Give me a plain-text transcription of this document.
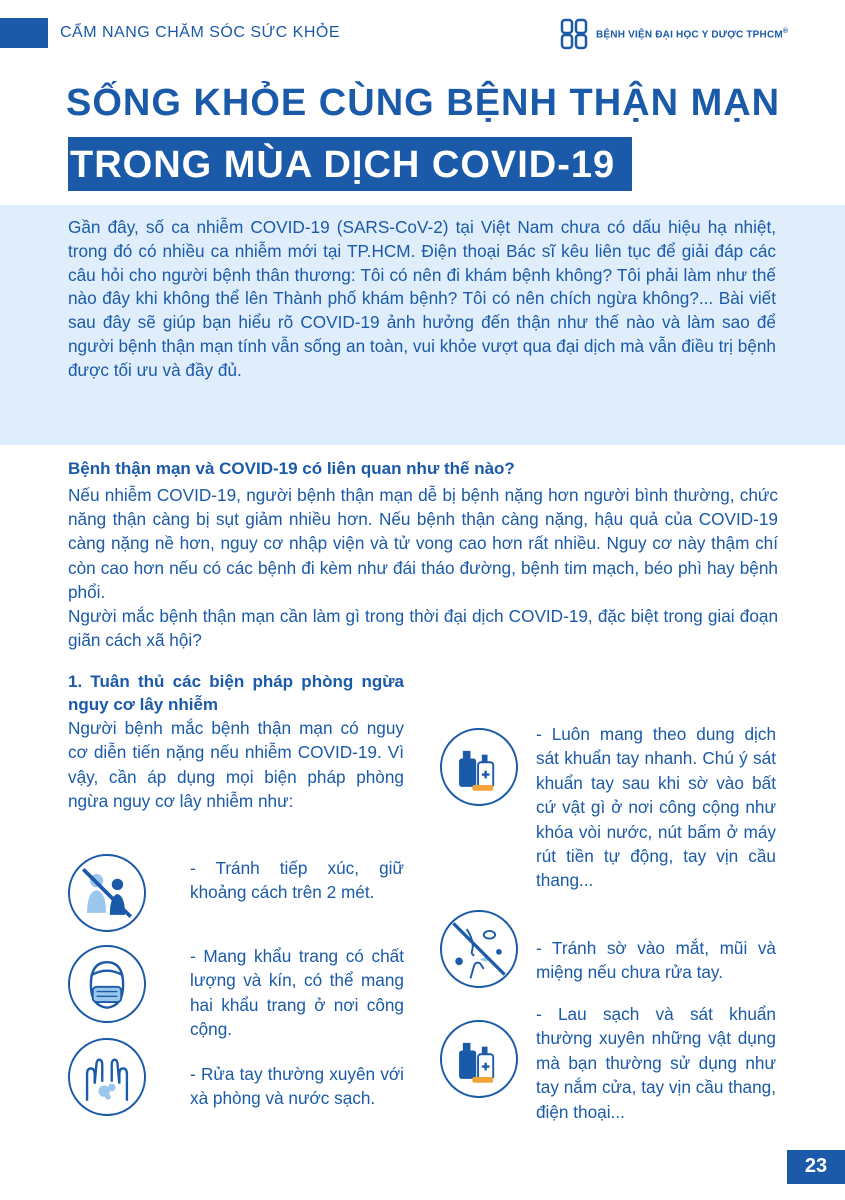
CẨM NANG CHĂM SÓC SỨC KHỎE	BỆNH VIỆN ĐẠI HỌC Y DƯỢC TPHCM®
SỐNG KHỎE CÙNG BỆNH THẬN MẠN
TRONG MÙA DỊCH COVID-19
Gần đây, số ca nhiễm COVID-19 (SARS-CoV-2) tại Việt Nam chưa có dấu hiệu hạ nhiệt, trong đó có nhiều ca nhiễm mới tại TP.HCM. Điện thoại Bác sĩ kêu liên tục để giải đáp các câu hỏi cho người bệnh thân thương: Tôi có nên đi khám bệnh không? Tôi phải làm như thế nào đây khi không thể lên Thành phố khám bệnh? Tôi có nên chích ngừa không?... Bài viết sau đây sẽ giúp bạn hiểu rõ COVID-19 ảnh hưởng đến thận như thế nào và làm sao để người bệnh thận mạn tính vẫn sống an toàn, vui khỏe vượt qua đại dịch mà vẫn điều trị bệnh được tối ưu và đầy đủ.
Bệnh thận mạn và COVID-19 có liên quan như thế nào?
Nếu nhiễm COVID-19, người bệnh thận mạn dễ bị bệnh nặng hơn người bình thường, chức năng thận càng bị sụt giảm nhiều hơn. Nếu bệnh thận càng nặng, hậu quả của COVID-19 càng nặng nề hơn, nguy cơ nhập viện và tử vong cao hơn rất nhiều. Nguy cơ này thậm chí còn cao hơn nếu có các bệnh đi kèm như đái tháo đường, bệnh tim mạch, béo phì hay bệnh phổi.
Người mắc bệnh thận mạn cần làm gì trong thời đại dịch COVID-19, đặc biệt trong giai đoạn giãn cách xã hội?
1. Tuân thủ các biện pháp phòng ngừa nguy cơ lây nhiễm
Người bệnh mắc bệnh thận mạn có nguy cơ diễn tiến nặng nếu nhiễm COVID-19. Vì vậy, cần áp dụng mọi biện pháp phòng ngừa nguy cơ lây nhiễm như:
- Tránh tiếp xúc, giữ khoảng cách trên 2 mét.
- Mang khẩu trang có chất lượng và kín, có thể mang hai khẩu trang ở nơi công cộng.
- Rửa tay thường xuyên với xà phòng và nước sạch.
- Luôn mang theo dung dịch sát khuẩn tay nhanh. Chú ý sát khuẩn tay sau khi sờ vào bất cứ vật gì ở nơi công cộng như khóa vòi nước, nút bấm ở máy rút tiền tự động, tay vịn cầu thang...
- Tránh sờ vào mắt, mũi và miệng nếu chưa rửa tay.
- Lau sạch và sát khuẩn thường xuyên những vật dụng mà bạn thường sử dụng như tay nắm cửa, tay vịn cầu thang, điện thoại...
23
